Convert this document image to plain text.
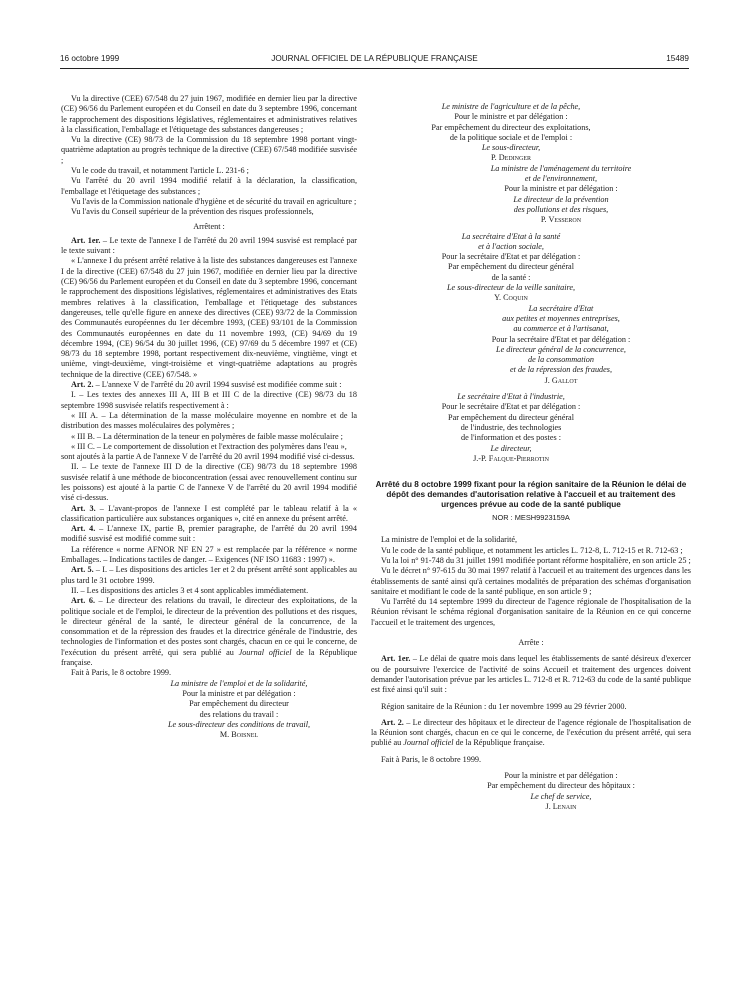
16 octobre 1999	JOURNAL OFFICIEL DE LA RÉPUBLIQUE FRANÇAISE	15489

Vu la directive (CEE) 67/548 du 27 juin 1967, modifiée en dernier lieu par la directive (CE) 96/56 du Parlement européen et du Conseil en date du 3 septembre 1996, concernant le rapprochement des dispositions législatives, réglementaires et administratives relatives à la classification, l'emballage et l'étiquetage des substances dangereuses ;

Vu la directive (CE) 98/73 de la Commission du 18 septembre 1998 portant vingt-quatrième adaptation au progrès technique de la directive (CEE) 67/548 modifiée susvisée ;

Vu le code du travail, et notamment l'article L. 231-6 ;

Vu l'arrêté du 20 avril 1994 modifié relatif à la déclaration, la classification, l'emballage et l'étiquetage des substances ;

Vu l'avis de la Commission nationale d'hygiène et de sécurité du travail en agriculture ;

Vu l'avis du Conseil supérieur de la prévention des risques professionnels,

Arrêtent :

Art. 1er. – Le texte de l'annexe I de l'arrêté du 20 avril 1994 susvisé est remplacé par le texte suivant :

« L'annexe I du présent arrêté relative à la liste des substances dangereuses est l'annexe I de la directive (CEE) 67/548 du 27 juin 1967, modifiée en dernier lieu par la directive (CE) 96/56 du Parlement européen et du Conseil en date du 3 septembre 1996, concernant le rapprochement des dispositions législatives, réglementaires et administratives des Etats membres relatives à la classification, l'emballage et l'étiquetage des substances dangereuses, telle qu'elle figure en annexe des directives (CEE) 93/72 de la Commission des Communautés européennes du 1er décembre 1993, (CEE) 93/101 de la Commission des Communautés européennes en date du 11 novembre 1993, (CE) 94/69 du 19 décembre 1994, (CE) 96/54 du 30 juillet 1996, (CE) 97/69 du 5 décembre 1997 et (CE) 98/73 du 18 septembre 1998, portant respectivement dix-neuvième, vingtième, vingt et unième, vingt-deuxième, vingt-troisième et vingt-quatrième adaptations au progrès technique de la directive (CEE) 67/548. »

Art. 2. – L'annexe V de l'arrêté du 20 avril 1994 susvisé est modifiée comme suit :

I. – Les textes des annexes III A, III B et III C de la directive (CE) 98/73 du 18 septembre 1998 susvisée relatifs respectivement à :

« III A. – La détermination de la masse moléculaire moyenne en nombre et de la distribution des masses moléculaires des polymères ;

« III B. – La détermination de la teneur en polymères de faible masse moléculaire ;

« III C. – Le comportement de dissolution et l'extraction des polymères dans l'eau »,

sont ajoutés à la partie A de l'annexe V de l'arrêté du 20 avril 1994 modifié visé ci-dessus.

II. – Le texte de l'annexe III D de la directive (CE) 98/73 du 18 septembre 1998 susvisée relatif à une méthode de bioconcentration (essai avec renouvellement continu sur les poissons) est ajouté à la partie C de l'annexe V de l'arrêté du 20 avril 1994 modifié visé ci-dessus.

Art. 3. – L'avant-propos de l'annexe I est complété par le tableau relatif à la « classification particulière aux substances organiques », cité en annexe du présent arrêté.

Art. 4. – L'annexe IX, partie B, premier paragraphe, de l'arrêté du 20 avril 1994 modifié susvisé est modifié comme suit :

La référence « norme AFNOR NF EN 27 » est remplacée par la référence « norme Emballages. – Indications tactiles de danger. – Exigences (NF ISO 11683 : 1997) ».

Art. 5. – I. – Les dispositions des articles 1er et 2 du présent arrêté sont applicables au plus tard le 31 octobre 1999.

II. – Les dispositions des articles 3 et 4 sont applicables immédiatement.

Art. 6. – Le directeur des relations du travail, le directeur des exploitations, de la politique sociale et de l'emploi, le directeur de la prévention des pollutions et des risques, le directeur général de la santé, le directeur général de la concurrence, de la consommation et de la répression des fraudes et la directrice générale de l'industrie, des technologies de l'information et des postes sont chargés, chacun en ce qui le concerne, de l'exécution du présent arrêté, qui sera publié au Journal officiel de la République française.

Fait à Paris, le 8 octobre 1999.

La ministre de l'emploi et de la solidarité,
Pour la ministre et par délégation :
Par empêchement du directeur
des relations du travail :
Le sous-directeur des conditions de travail,
M. Boisnel
Le ministre de l'agriculture et de la pêche,
Pour le ministre et par délégation :
Par empêchement du directeur des exploitations,
de la politique sociale et de l'emploi :
Le sous-directeur,
P. Dedinger
La ministre de l'aménagement du territoire
et de l'environnement,
Pour la ministre et par délégation :
Le directeur de la prévention
des pollutions et des risques,
P. Vesseron
La secrétaire d'Etat à la santé
et à l'action sociale,
Pour la secrétaire d'Etat et par délégation :
Par empêchement du directeur général
de la santé :
Le sous-directeur de la veille sanitaire,
Y. Coquin
La secrétaire d'Etat
aux petites et moyennes entreprises,
au commerce et à l'artisanat,
Pour la secrétaire d'Etat et par délégation :
Le directeur général de la concurrence,
de la consommation
et de la répression des fraudes,
J. Gallot
Le secrétaire d'Etat à l'industrie,
Pour le secrétaire d'Etat et par délégation :
Par empêchement du directeur général
de l'industrie, des technologies
de l'information et des postes :
Le directeur,
J.-P. Falque-Pierrotin

Arrêté du 8 octobre 1999 fixant pour la région sanitaire de la Réunion le délai de dépôt des demandes d'autorisation relative à l'accueil et au traitement des urgences prévue au code de la santé publique

NOR : MESH9923159A

La ministre de l'emploi et de la solidarité,

Vu le code de la santé publique, et notamment les articles L. 712-8, L. 712-15 et R. 712-63 ;

Vu la loi n° 91-748 du 31 juillet 1991 modifiée portant réforme hospitalière, en son article 25 ;

Vu le décret n° 97-615 du 30 mai 1997 relatif à l'accueil et au traitement des urgences dans les établissements de santé ainsi qu'à certaines modalités de préparation des schémas d'organisation sanitaire et modifiant le code de la santé publique, en son article 9 ;

Vu l'arrêté du 14 septembre 1999 du directeur de l'agence régionale de l'hospitalisation de la Réunion révisant le schéma régional d'organisation sanitaire de la Réunion en ce qui concerne l'accueil et le traitement des urgences,

Arrête :

Art. 1er. – Le délai de quatre mois dans lequel les établissements de santé désireux d'exercer ou de poursuivre l'exercice de l'activité de soins Accueil et traitement des urgences doivent demander l'autorisation prévue par les articles L. 712-8 et R. 712-63 du code de la santé publique est fixé ainsi qu'il suit :

Région sanitaire de la Réunion : du 1er novembre 1999 au 29 février 2000.

Art. 2. – Le directeur des hôpitaux et le directeur de l'agence régionale de l'hospitalisation de la Réunion sont chargés, chacun en ce qui le concerne, de l'exécution du présent arrêté, qui sera publié au Journal officiel de la République française.

Fait à Paris, le 8 octobre 1999.

Pour la ministre et par délégation :
Par empêchement du directeur des hôpitaux :
Le chef de service,
J. Lenain
